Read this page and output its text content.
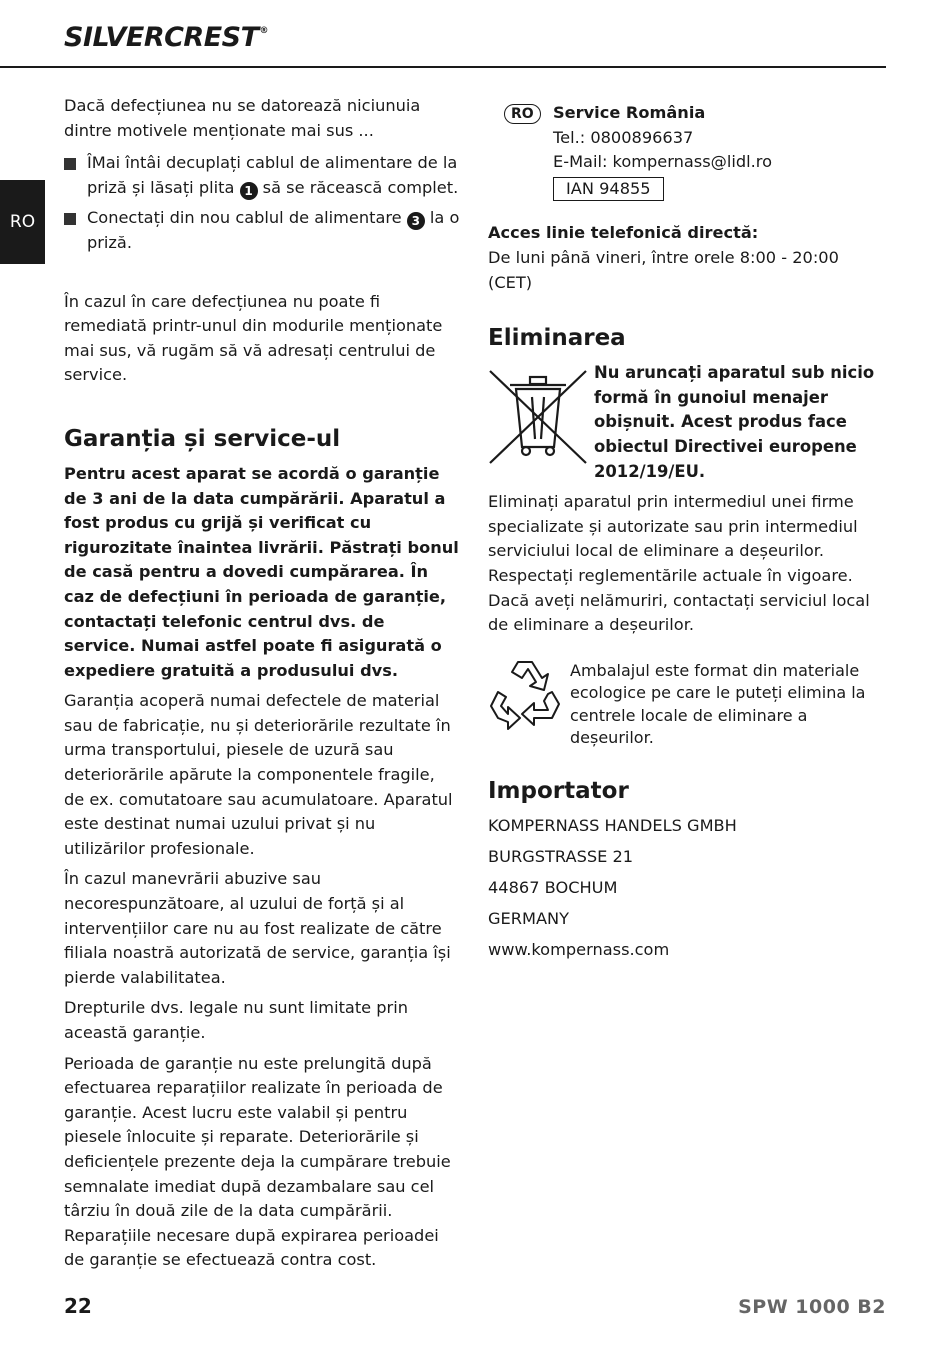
SILVERCREST®
RO

Dacă defecțiunea nu se datorează niciunuia dintre motivele menționate mai sus ...

ÎMai întâi decuplați cablul de alimentare de la priză și lăsați plita 1 să se răcească complet.

Conectați din nou cablul de alimentare 3 la o priză.

În cazul în care defecțiunea nu poate fi remediată printr-unul din modurile menționate mai sus, vă rugăm să vă adresați centrului de service.

Garanția și service-ul

Pentru acest aparat se acordă o garanție de 3 ani de la data cumpărării. Aparatul a fost produs cu grijă și verificat cu rigurozitate înaintea livrării. Păstrați bonul de casă pentru a dovedi cumpărarea. În caz de defecțiuni în perioada de garanție, contactați telefonic centrul dvs. de service. Numai astfel poate fi asigurată o expediere gratuită a produsului dvs.

Garanția acoperă numai defectele de material sau de fabricație, nu și deteriorările rezultate în urma transportului, piesele de uzură sau deteriorările apărute la componentele fragile, de ex. comutatoare sau acumulatoare. Aparatul este destinat numai uzului privat și nu utilizărilor profesionale.

În cazul manevrării abuzive sau necorespunzătoare, al uzului de forță și al intervențiilor care nu au fost realizate de către filiala noastră autorizată de service, garanția își pierde valabilitatea.

Drepturile dvs. legale nu sunt limitate prin această garanție.

Perioada de garanție nu este prelungită după efectuarea reparațiilor realizate în perioada de garanție. Acest lucru este valabil și pentru piesele înlocuite și reparate. Deteriorările și deficiențele prezente deja la cumpărare trebuie semnalate imediat după dezambalare sau cel târziu în două zile de la data cumpărării. Reparațiile necesare după expirarea perioadei de garanție se efectuează contra cost.

RO	Service România

Tel.: 0800896637

E-Mail: kompernass@lidl.ro

IAN 94855

Acces linie telefonică directă:

De luni până vineri, între orele 8:00 - 20:00 (CET)

Eliminarea

Nu aruncați aparatul sub nicio formă în gunoiul menajer obișnuit. Acest produs face obiectul Directivei europene 2012/19/EU.

Eliminați aparatul prin intermediul unei firme specializate și autorizate sau prin intermediul serviciului local de eliminare a deșeurilor. Respectați reglementările actuale în vigoare. Dacă aveți nelămuriri, contactați serviciul local de eliminare a deșeurilor.

Ambalajul este format din materiale ecologice pe care le puteți elimina la centrele locale de eliminare a deșeurilor.

Importator

KOMPERNASS HANDELS GMBH

BURGSTRASSE 21

44867 BOCHUM

GERMANY

www.kompernass.com

22	SPW 1000 B2
